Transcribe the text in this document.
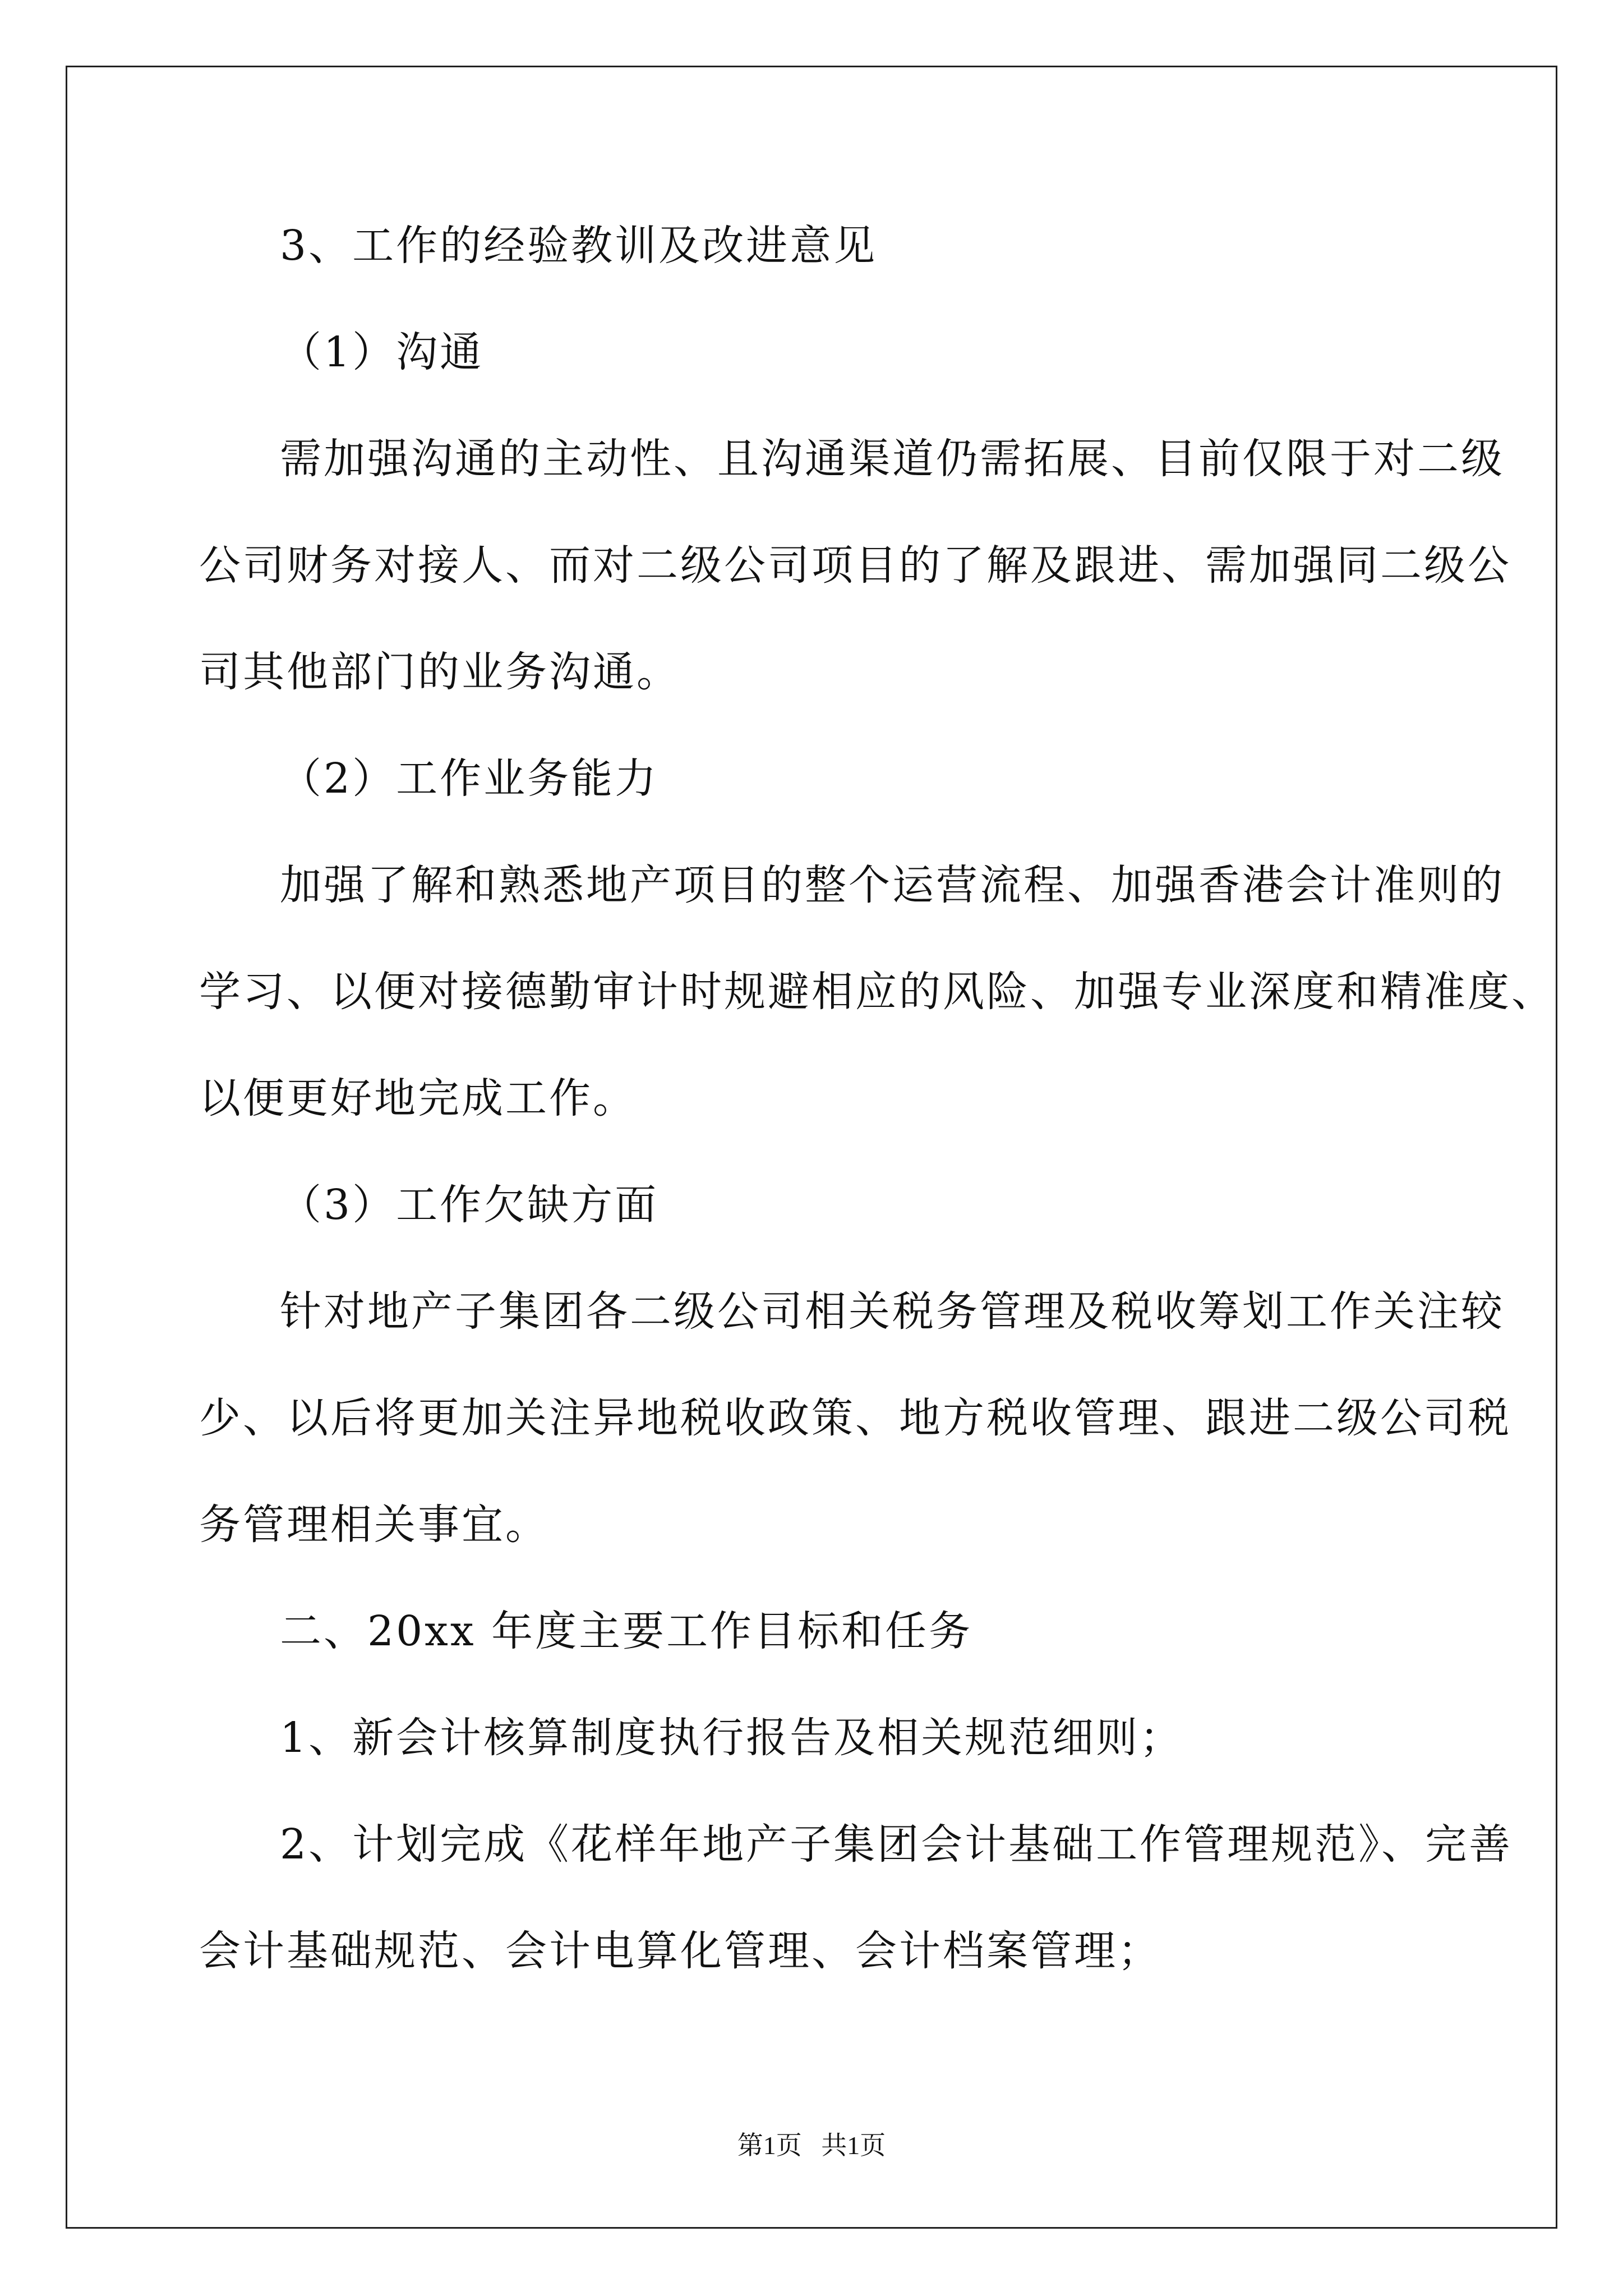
3、工作的经验教训及改进意见
（1）沟通
需加强沟通的主动性、且沟通渠道仍需拓展、目前仅限于对二级
公司财务对接人、而对二级公司项目的了解及跟进、需加强同二级公
司其他部门的业务沟通。
（2）工作业务能力
加强了解和熟悉地产项目的整个运营流程、加强香港会计准则的
学习、以便对接德勤审计时规避相应的风险、加强专业深度和精准度、
以便更好地完成工作。
（3）工作欠缺方面
针对地产子集团各二级公司相关税务管理及税收筹划工作关注较
少、以后将更加关注异地税收政策、地方税收管理、跟进二级公司税
务管理相关事宜。
二、20xx 年度主要工作目标和任务
1、新会计核算制度执行报告及相关规范细则；
2、计划完成《花样年地产子集团会计基础工作管理规范》、完善
会计基础规范、会计电算化管理、会计档案管理；
第1页   共1页
